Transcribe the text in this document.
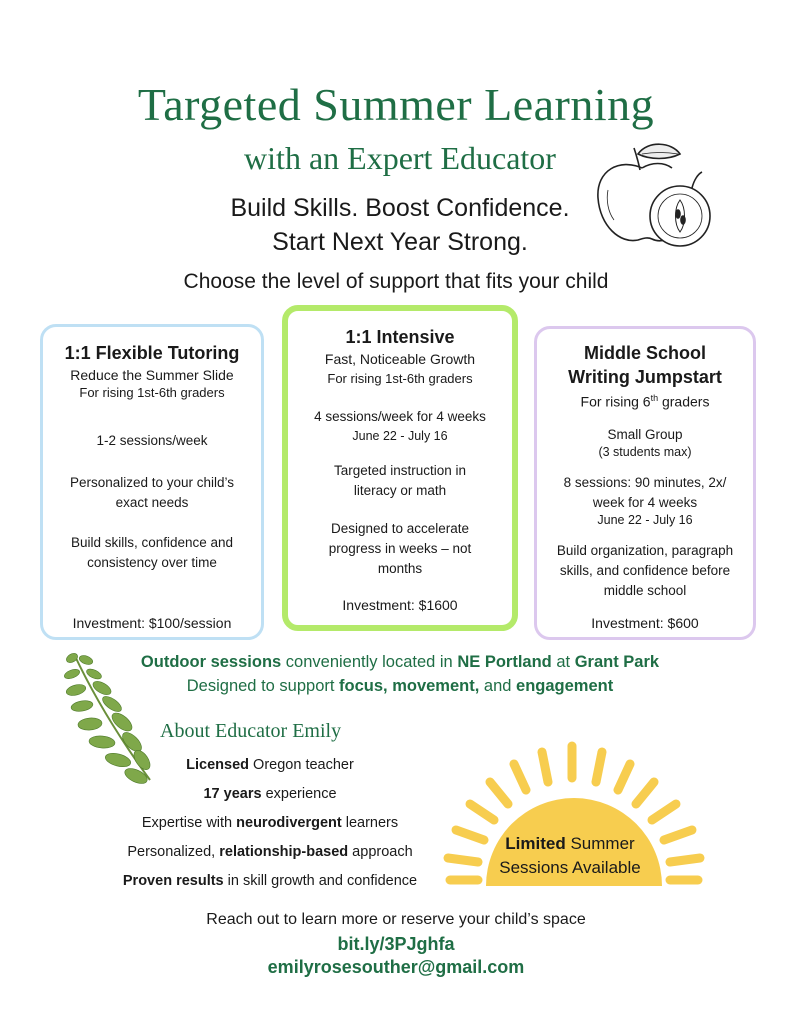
Targeted Summer Learning
with an Expert Educator
Build Skills. Boost Confidence.
Start Next Year Strong.
Choose the level of support that fits your child
1:1 Flexible Tutoring
Reduce the Summer Slide
For rising 1st-6th graders
1-2 sessions/week
Personalized to your child’s exact needs
Build skills, confidence and consistency over time
Investment: $100/session
1:1 Intensive
Fast, Noticeable Growth
For rising 1st-6th graders
4 sessions/week for 4 weeks
June 22 - July 16
Targeted instruction in literacy or math
Designed to accelerate progress in weeks – not months
Investment: $1600
Middle School
Writing Jumpstart
For rising 6th graders
Small Group
(3 students max)
8 sessions: 90 minutes, 2x/ week for 4 weeks
June 22 - July 16
Build organization, paragraph skills, and confidence before middle school
Investment: $600
Outdoor sessions conveniently located in NE Portland at Grant Park
Designed to support focus, movement, and engagement
About Educator Emily
Licensed Oregon teacher
17 years experience
Expertise with neurodivergent learners
Personalized, relationship-based approach
Proven results in skill growth and confidence
Limited Summer
Sessions Available
Reach out to learn more or reserve your child’s space
bit.ly/3PJghfa
emilyrosesouther@gmail.com
